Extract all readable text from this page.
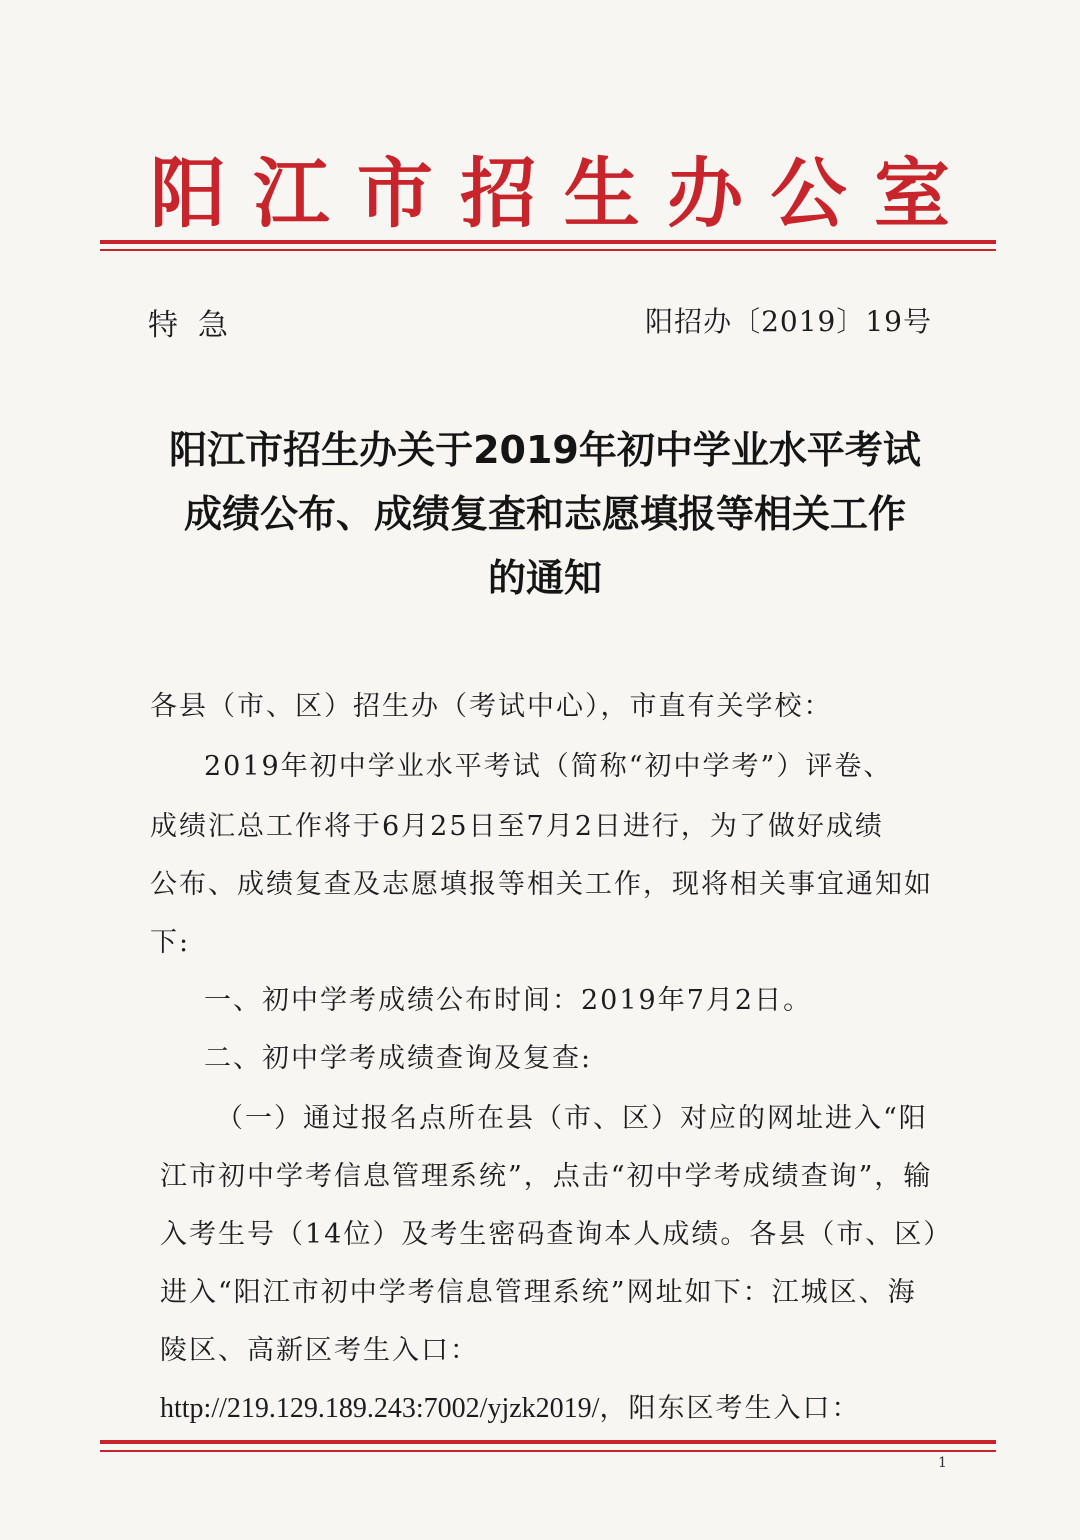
阳 江 市 招 生 办 公 室
特急	阳招办〔2019〕19号
阳江市招生办关于2019年初中学业水平考试
成绩公布、成绩复查和志愿填报等相关工作
的通知
各县（市、区）招生办（考试中心），市直有关学校：
2019年初中学业水平考试（简称“初中学考”）评卷、
成绩汇总工作将于6月25日至7月2日进行，为了做好成绩
公布、成绩复查及志愿填报等相关工作，现将相关事宜通知如
下:
一、初中学考成绩公布时间：2019年7月2日。
二、初中学考成绩查询及复查:
（一）通过报名点所在县（市、区）对应的网址进入“阳
江市初中学考信息管理系统”，点击“初中学考成绩查询”，输
入考生号（14位）及考生密码查询本人成绩。各县（市、区）
进入“阳江市初中学考信息管理系统”网址如下：江城区、海
陵区、高新区考生入口：
http://219.129.189.243:7002/yjzk2019/，阳东区考生入口：
1
